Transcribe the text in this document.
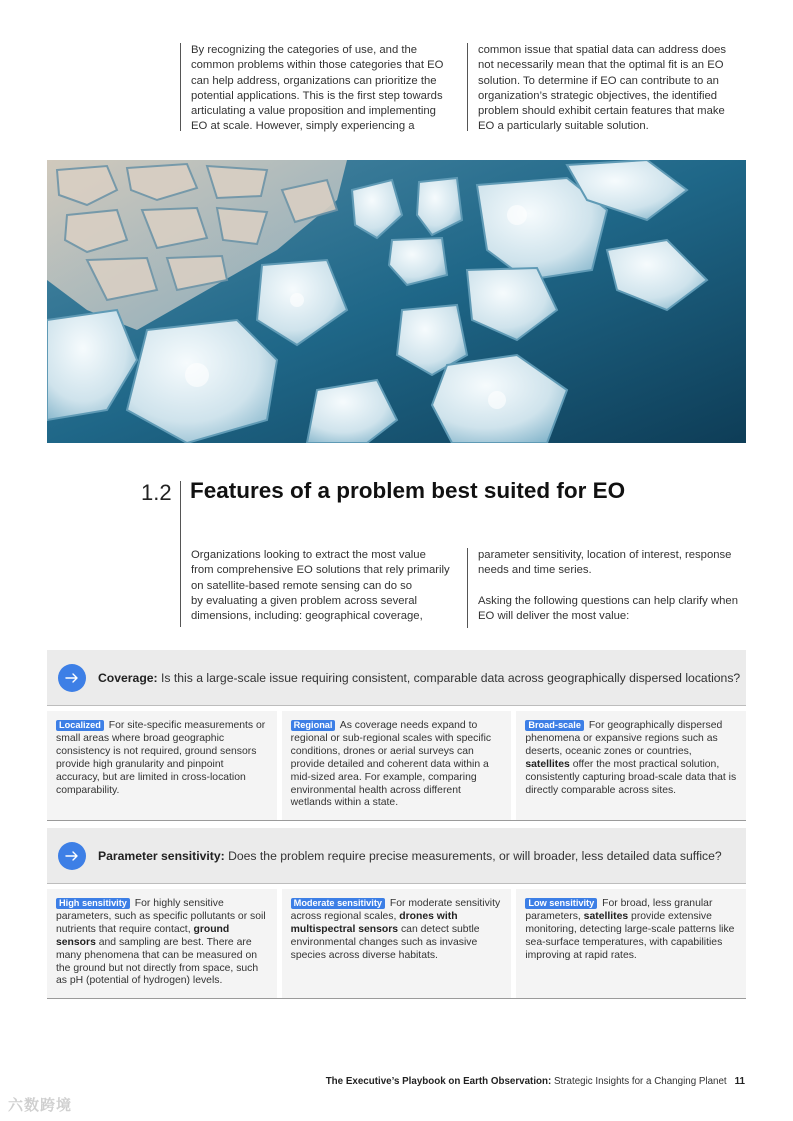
By recognizing the categories of use, and the
common problems within those categories that EO
can help address, organizations can prioritize the
potential applications. This is the first step towards
articulating a value proposition and implementing
EO at scale. However, simply experiencing a

common issue that spatial data can address does
not necessarily mean that the optimal fit is an EO
solution. To determine if EO can contribute to an
organization’s strategic objectives, the identified
problem should exhibit certain features that make
EO a particularly suitable solution.

1.2 Features of a problem best suited for EO

Organizations looking to extract the most value
from comprehensive EO solutions that rely primarily
on satellite-based remote sensing can do so
by evaluating a given problem across several
dimensions, including: geographical coverage,

parameter sensitivity, location of interest, response
needs and time series.

Asking the following questions can help clarify when
EO will deliver the most value:

Coverage: Is this a large-scale issue requiring consistent, comparable data across geographically dispersed locations?
Localized For site-specific measurements or small areas where broad geographic consistency is not required, ground sensors provide high granularity and pinpoint accuracy, but are limited in cross-location comparability.
Regional As coverage needs expand to regional or sub-regional scales with specific conditions, drones or aerial surveys can provide detailed and coherent data within a mid-sized area. For example, comparing environmental health across different wetlands within a state.
Broad-scale For geographically dispersed phenomena or expansive regions such as deserts, oceanic zones or countries, satellites offer the most practical solution, consistently capturing broad-scale data that is directly comparable across sites.
Parameter sensitivity: Does the problem require precise measurements, or will broader, less detailed data suffice?
High sensitivity For highly sensitive parameters, such as specific pollutants or soil nutrients that require contact, ground sensors and sampling are best. There are many phenomena that can be measured on the ground but not directly from space, such as pH (potential of hydrogen) levels.
Moderate sensitivity For moderate sensitivity across regional scales, drones with multispectral sensors can detect subtle environmental changes such as invasive species across diverse habitats.
Low sensitivity For broad, less granular parameters, satellites provide extensive monitoring, detecting large-scale patterns like sea-surface temperatures, with capabilities improving at rapid rates.
The Executive’s Playbook on Earth Observation: Strategic Insights for a Changing Planet 11
六数跨境
